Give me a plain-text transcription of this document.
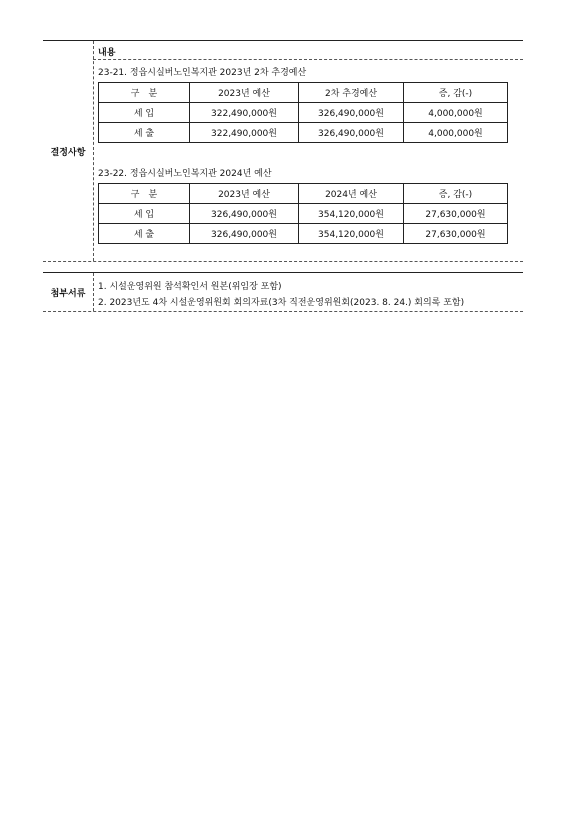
결정사항
내용
23-21. 정읍시실버노인복지관 2023년 2차 추경예산
구　분	2023년 예산	2차 추경예산	증, 감(-)
세 입	322,490,000원	326,490,000원	4,000,000원
세 출	322,490,000원	326,490,000원	4,000,000원
23-22. 정읍시실버노인복지관 2024년 예산
구　분	2023년 예산	2024년 예산	증, 감(-)
세 입	326,490,000원	354,120,000원	27,630,000원
세 출	326,490,000원	354,120,000원	27,630,000원
첨부서류
1. 시설운영위원 참석확인서 원본(위임장 포함)
2. 2023년도 4차 시설운영위원회 회의자료(3차 직전운영위원회(2023. 8. 24.) 회의록 포함)
